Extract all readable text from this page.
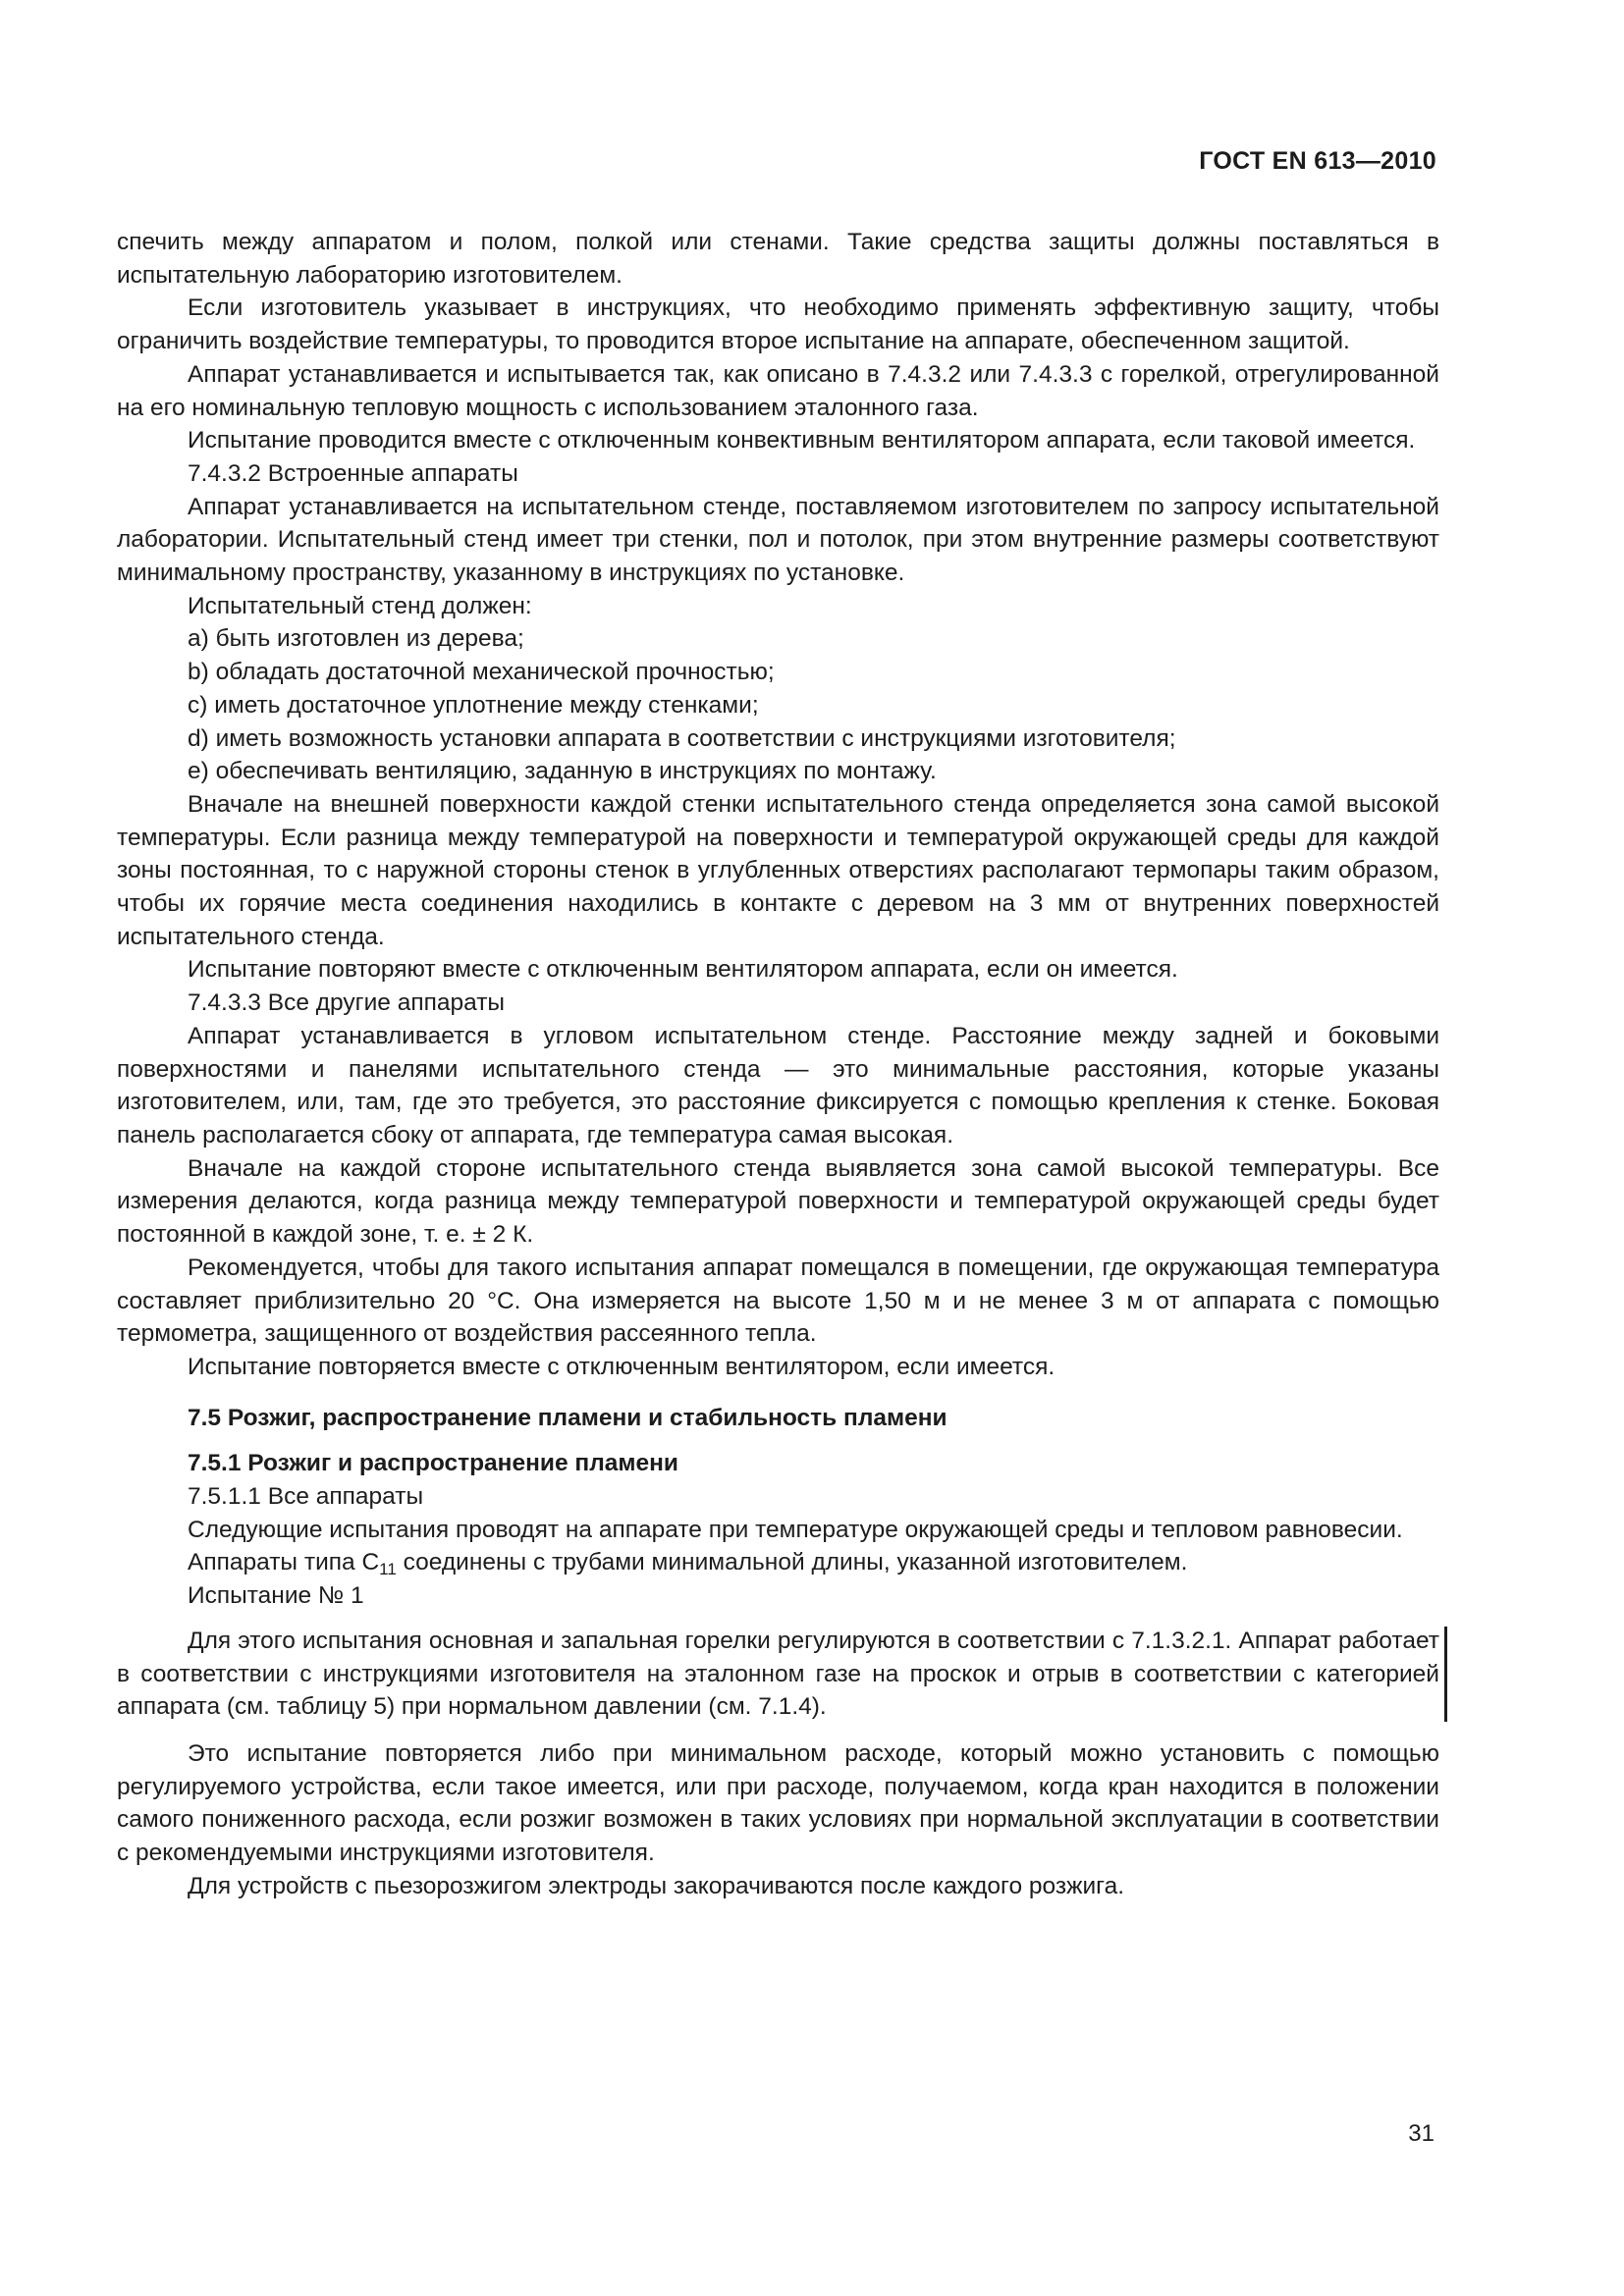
ГОСТ EN 613—2010

спечить между аппаратом и полом, полкой или стенами. Такие средства защиты должны поставляться в испытательную лабораторию изготовителем.

Если изготовитель указывает в инструкциях, что необходимо применять эффективную защиту, чтобы ограничить воздействие температуры, то проводится второе испытание на аппарате, обеспеченном защитой.

Аппарат устанавливается и испытывается так, как описано в 7.4.3.2 или 7.4.3.3 с горелкой, отрегулированной на его номинальную тепловую мощность с использованием эталонного газа.

Испытание проводится вместе с отключенным конвективным вентилятором аппарата, если таковой имеется.

7.4.3.2 Встроенные аппараты

Аппарат устанавливается на испытательном стенде, поставляемом изготовителем по запросу испытательной лаборатории. Испытательный стенд имеет три стенки, пол и потолок, при этом внутренние размеры соответствуют минимальному пространству, указанному в инструкциях по установке.

Испытательный стенд должен:

a) быть изготовлен из дерева;

b) обладать достаточной механической прочностью;

c) иметь достаточное уплотнение между стенками;

d) иметь возможность установки аппарата в соответствии с инструкциями изготовителя;

e) обеспечивать вентиляцию, заданную в инструкциях по монтажу.

Вначале на внешней поверхности каждой стенки испытательного стенда определяется зона самой высокой температуры. Если разница между температурой на поверхности и температурой окружающей среды для каждой зоны постоянная, то с наружной стороны стенок в углубленных отверстиях располагают термопары таким образом, чтобы их горячие места соединения находились в контакте с деревом на 3 мм от внутренних поверхностей испытательного стенда.

Испытание повторяют вместе с отключенным вентилятором аппарата, если он имеется.

7.4.3.3 Все другие аппараты

Аппарат устанавливается в угловом испытательном стенде. Расстояние между задней и боковыми поверхностями и панелями испытательного стенда — это минимальные расстояния, которые указаны изготовителем, или, там, где это требуется, это расстояние фиксируется с помощью крепления к стенке. Боковая панель располагается сбоку от аппарата, где температура самая высокая.

Вначале на каждой стороне испытательного стенда выявляется зона самой высокой температуры. Все измерения делаются, когда разница между температурой поверхности и температурой окружающей среды будет постоянной в каждой зоне, т. е. ± 2 К.

Рекомендуется, чтобы для такого испытания аппарат помещался в помещении, где окружающая температура составляет приблизительно 20 °С. Она измеряется на высоте 1,50 м и не менее 3 м от аппарата с помощью термометра, защищенного от воздействия рассеянного тепла.

Испытание повторяется вместе с отключенным вентилятором, если имеется.

7.5 Розжиг, распространение пламени и стабильность пламени

7.5.1 Розжиг и распространение пламени

7.5.1.1 Все аппараты

Следующие испытания проводят на аппарате при температуре окружающей среды и тепловом равновесии.

Аппараты типа $С_{11}$ соединены с трубами минимальной длины, указанной изготовителем.

Испытание № 1

Для этого испытания основная и запальная горелки регулируются в соответствии с 7.1.3.2.1. Аппарат работает в соответствии с инструкциями изготовителя на эталонном газе на проскок и отрыв в соответствии с категорией аппарата (см. таблицу 5) при нормальном давлении (см. 7.1.4).

Это испытание повторяется либо при минимальном расходе, который можно установить с помощью регулируемого устройства, если такое имеется, или при расходе, получаемом, когда кран находится в положении самого пониженного расхода, если розжиг возможен в таких условиях при нормальной эксплуатации в соответствии с рекомендуемыми инструкциями изготовителя.

Для устройств с пьезорозжигом электроды закорачиваются после каждого розжига.

31
